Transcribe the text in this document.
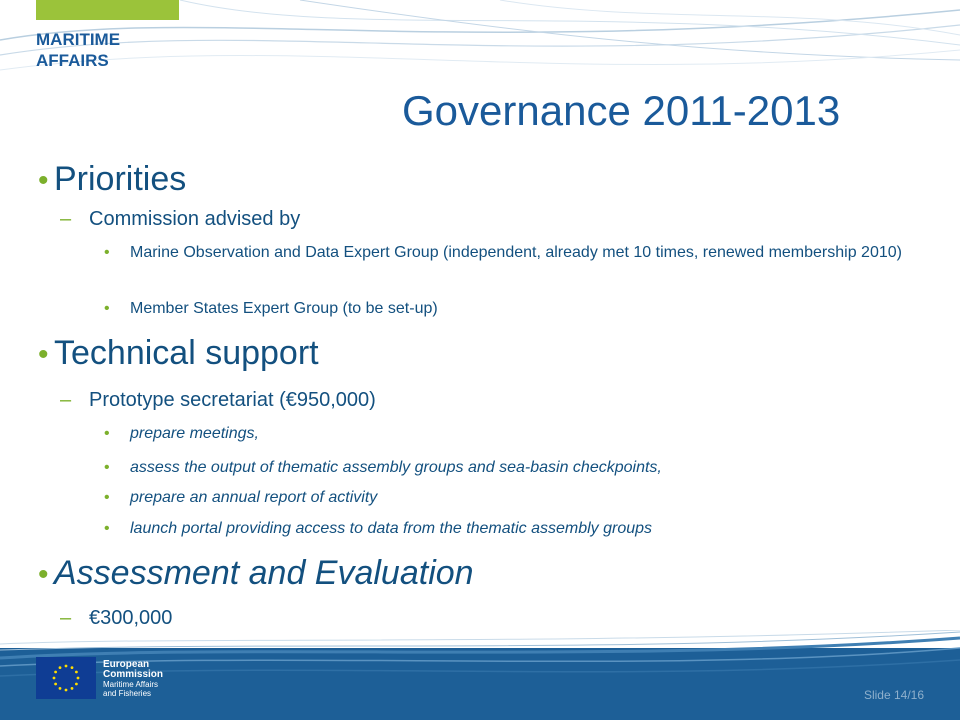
MARITIME
AFFAIRS
Governance 2011-2013
• Priorities
– Commission advised by
• Marine Observation and Data Expert Group (independent, already met 10 times, renewed membership 2010)
• Member States Expert Group (to be set-up)
• Technical support
– Prototype secretariat (€950,000)
• prepare meetings,
• assess the output of thematic assembly groups and sea-basin checkpoints,
• prepare an annual report of activity
• launch portal providing access to data from the thematic assembly groups
• Assessment and Evaluation
– €300,000
European
Commission
Maritime Affairs
and Fisheries	Slide 14/16
